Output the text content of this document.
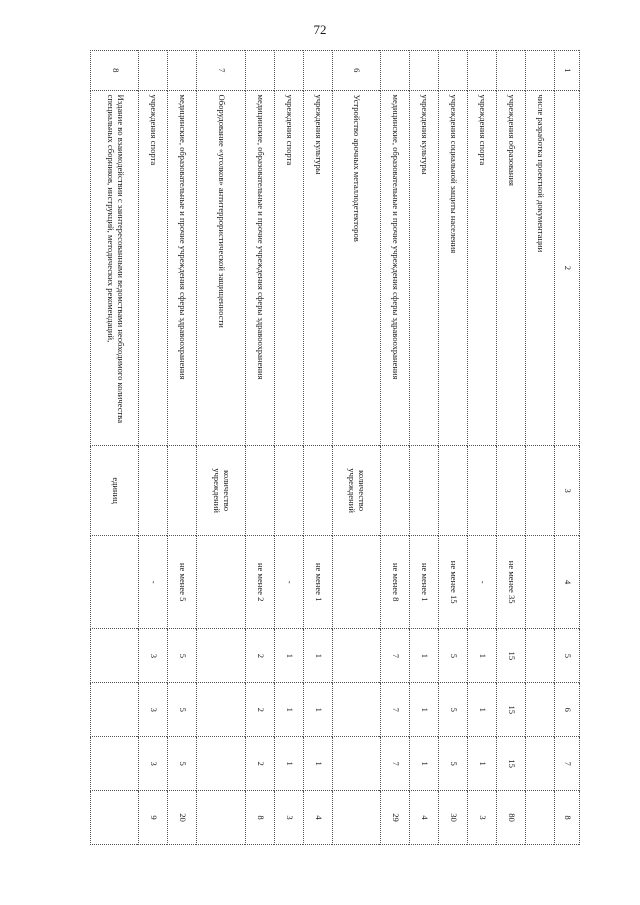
72
1	2	3	4	5	6	7	8
	числе разработка проектной документации						
	учреждения образования		не менее 35	15	15	15	80
	учреждения спорта		-	1	1	1	3
	учреждения социальной защиты населения		не менее 15	5	5	5	30
	учреждения культуры		не менее 1	1	1	1	4
	медицинские, образовательные и прочие учреждения сферы здравоохранения		не менее 8	7	7	7	29
6	Устройство арочных металлодетекторов	количество учреждений					
	учреждения культуры		не менее 1	1	1	1	4
	учреждения спорта		-	1	1	1	3
	медицинские, образовательные и прочие учреждения сферы здравоохранения		не менее 2	2	2	2	8
7	Оборудование «уголков» антитеррористической защищенности	количество учреждений					
	медицинские, образовательные и прочие учреждения сферы здравоохранения		не менее 5	5	5	5	20
	учреждения спорта		-	3	3	3	9
8	Издание во взаимодействии с заинтересованными ведомствами необходимого количества специальных сборников, инструкций, методических рекомендаций,	единиц					
